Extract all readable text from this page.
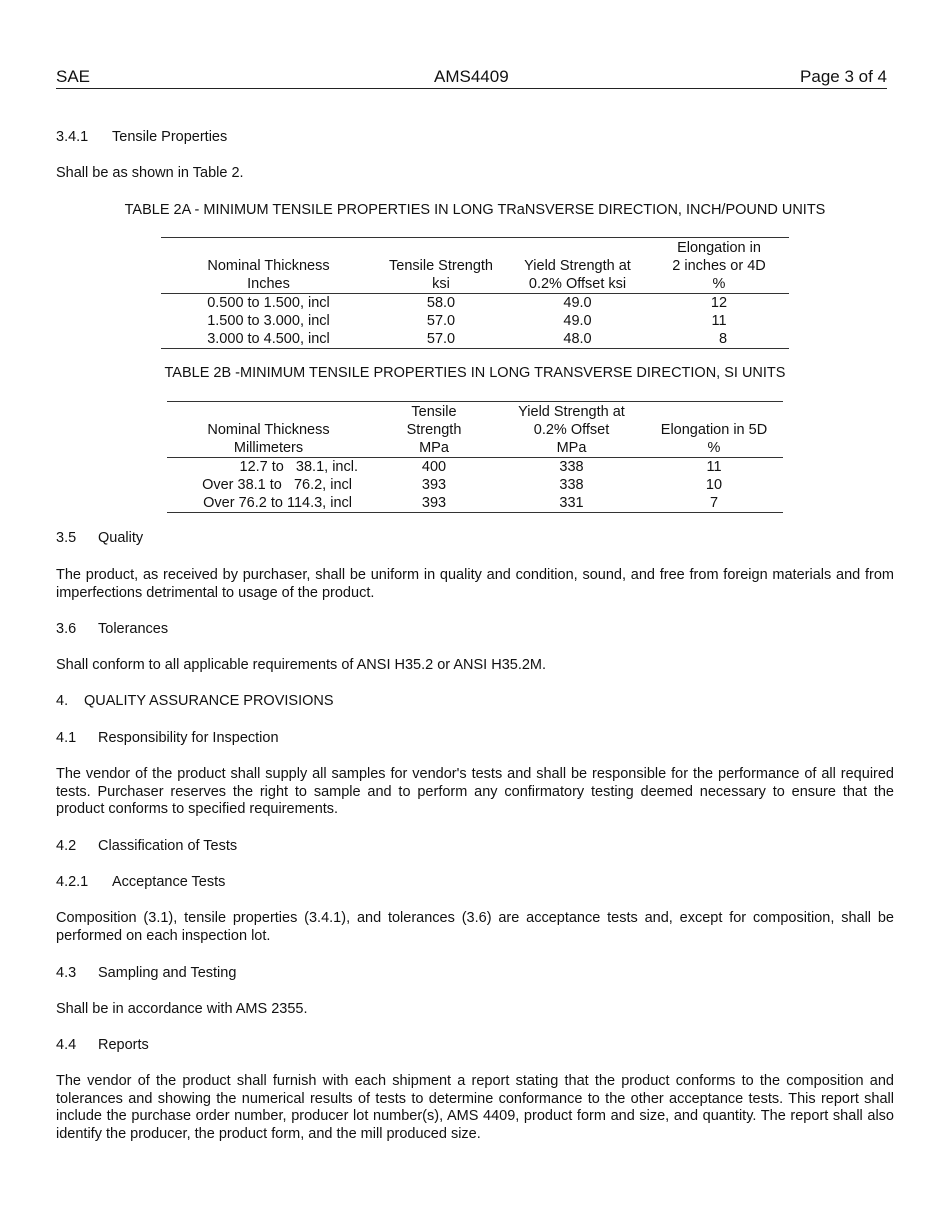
SAE	AMS4409	Page 3 of 4
3.4.1 Tensile Properties
Shall be as shown in Table 2.
TABLE 2A - MINIMUM TENSILE PROPERTIES IN LONG TRaNSVERSE DIRECTION, INCH/POUND UNITS
			Elongation in
Nominal Thickness	Tensile Strength	Yield Strength at	2 inches or 4D
Inches	ksi	0.2% Offset ksi	%
0.500 to 1.500, incl	58.0	49.0	12
1.500 to 3.000, incl	57.0	49.0	11
3.000 to 4.500, incl	57.0	48.0	8
TABLE 2B -MINIMUM TENSILE PROPERTIES IN LONG TRANSVERSE DIRECTION, SI UNITS
	Tensile	Yield Strength at	
Nominal Thickness	Strength	0.2% Offset	Elongation in 5D
Millimeters	MPa	MPa	%
12.7 to   38.1, incl.	400	338	11
Over 38.1 to   76.2, incl	393	338	10
Over 76.2 to 114.3, incl	393	331	7
3.5 Quality
The product, as received by purchaser, shall be uniform in quality and condition, sound, and free from foreign materials and from imperfections detrimental to usage of the product.
3.6 Tolerances
Shall conform to all applicable requirements of ANSI H35.2 or ANSI H35.2M.
4. QUALITY ASSURANCE PROVISIONS
4.1 Responsibility for Inspection
The vendor of the product shall supply all samples for vendor's tests and shall be responsible for the performance of all required tests. Purchaser reserves the right to sample and to perform any confirmatory testing deemed necessary to ensure that the product conforms to specified requirements.
4.2 Classification of Tests
4.2.1 Acceptance Tests
Composition (3.1), tensile properties (3.4.1), and tolerances (3.6) are acceptance tests and, except for composition, shall be performed on each inspection lot.
4.3 Sampling and Testing
Shall be in accordance with AMS 2355.
4.4 Reports
The vendor of the product shall furnish with each shipment a report stating that the product conforms to the composition and tolerances and showing the numerical results of tests to determine conformance to the other acceptance tests. This report shall include the purchase order number, producer lot number(s), AMS 4409, product form and size, and quantity. The report shall also identify the producer, the product form, and the mill produced size.
